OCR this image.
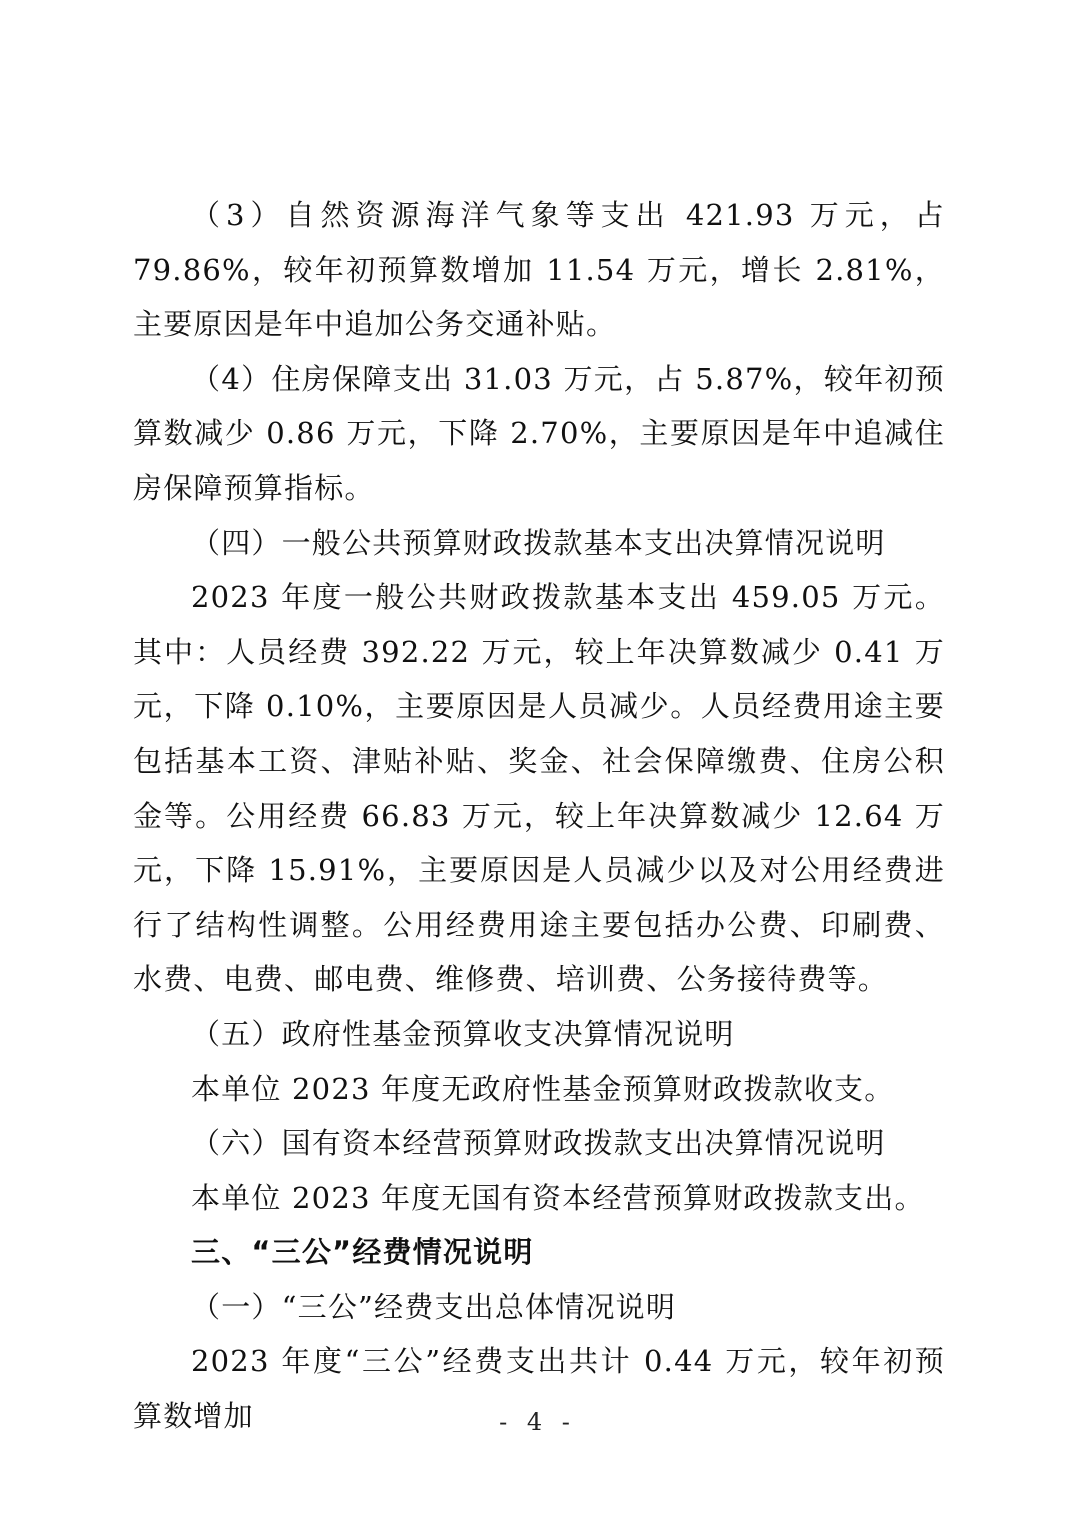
（3）自然资源海洋气象等支出 421.93 万元，占 79.86%，较年初预算数增加 11.54 万元，增长 2.81%，主要原因是年中追加公务交通补贴。

（4）住房保障支出 31.03 万元，占 5.87%，较年初预算数减少 0.86 万元，下降 2.70%，主要原因是年中追减住房保障预算指标。

（四）一般公共预算财政拨款基本支出决算情况说明

2023 年度一般公共财政拨款基本支出 459.05 万元。其中：人员经费 392.22 万元，较上年决算数减少 0.41 万元，下降 0.10%，主要原因是人员减少。人员经费用途主要包括基本工资、津贴补贴、奖金、社会保障缴费、住房公积金等。公用经费 66.83 万元，较上年决算数减少 12.64 万元，下降 15.91%，主要原因是人员减少以及对公用经费进行了结构性调整。公用经费用途主要包括办公费、印刷费、水费、电费、邮电费、维修费、培训费、公务接待费等。

（五）政府性基金预算收支决算情况说明

本单位 2023 年度无政府性基金预算财政拨款收支。

（六）国有资本经营预算财政拨款支出决算情况说明

本单位 2023 年度无国有资本经营预算财政拨款支出。

三、“三公”经费情况说明

（一）“三公”经费支出总体情况说明

2023 年度“三公”经费支出共计 0.44 万元，较年初预算数增加	- 4 -
